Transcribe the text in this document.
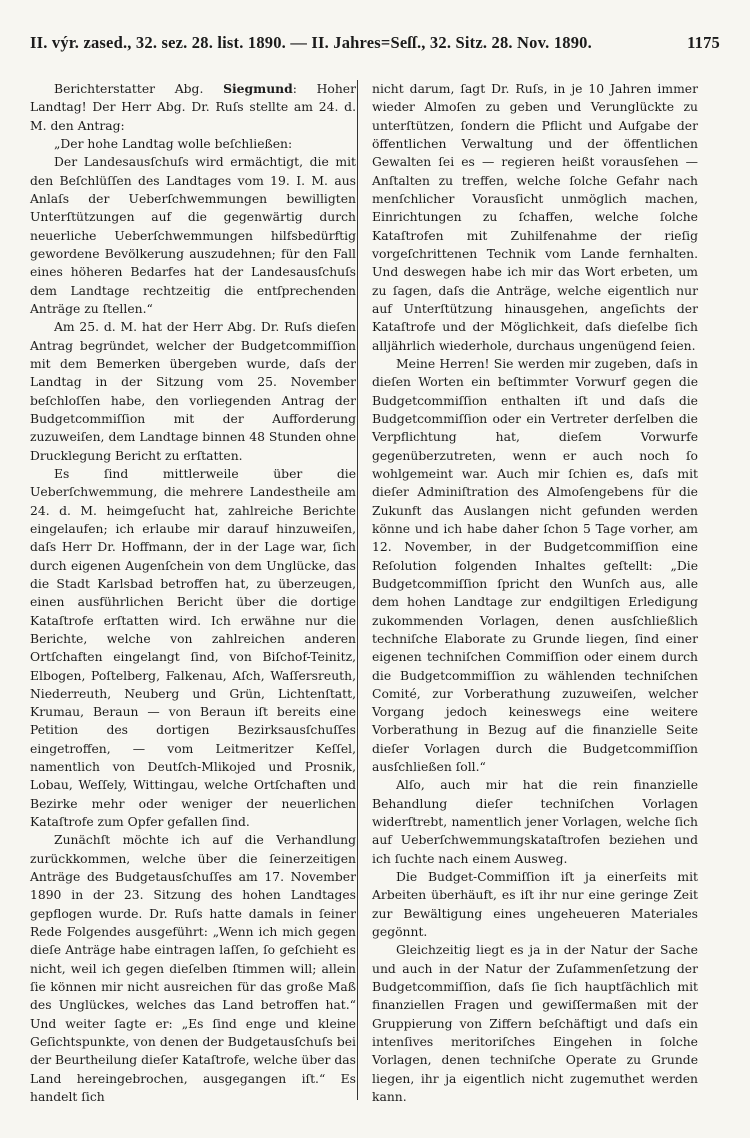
II. výr. zased., 32. sez. 28. list. 1890. — II. Jahres=Seſſ., 32. Sitz. 28. Nov. 1890.	1175

Berichterstatter Abg. Siegmund: Hoher Landtag! Der Herr Abg. Dr. Ruſs stellte am 24. d. M. den Antrag:

„Der hohe Landtag wolle beſchließen:

Der Landesausſchuſs wird ermächtigt, die mit den Beſchlüſſen des Landtages vom 19. I. M. aus Anlaſs der Ueberſchwemmungen bewilligten Unterſtützungen auf die gegenwärtig durch neuerliche Ueberſchwemmungen hilfsbedürftig gewordene Bevölkerung auszudehnen; für den Fall eines höheren Bedarfes hat der Landesausſchuſs dem Landtage rechtzeitig die entſprechenden Anträge zu ſtellen.“

Am 25. d. M. hat der Herr Abg. Dr. Ruſs dieſen Antrag begründet, welcher der Budgetcommiſſion mit dem Bemerken übergeben wurde, daſs der Landtag in der Sitzung vom 25. November beſchloſſen habe, den vorliegenden Antrag der Budgetcommiſſion mit der Aufforderung zuzuweiſen, dem Landtage binnen 48 Stunden ohne Drucklegung Bericht zu erſtatten.

Es ſind mittlerweile über die Ueberſchwemmung, die mehrere Landestheile am 24. d. M. heimgeſucht hat, zahlreiche Berichte eingelaufen; ich erlaube mir darauf hinzuweiſen, daſs Herr Dr. Hoffmann, der in der Lage war, ſich durch eigenen Augenſchein von dem Unglücke, das die Stadt Karlsbad betroffen hat, zu überzeugen, einen ausführlichen Bericht über die dortige Kataſtrofe erſtatten wird. Ich erwähne nur die Berichte, welche von zahlreichen anderen Ortſchaften eingelangt ſind, von Biſchof-Teinitz, Elbogen, Poſtelberg, Falkenau, Aſch, Waſſersreuth, Niederreuth, Neuberg und Grün, Lichtenſtatt, Krumau, Beraun — von Beraun iſt bereits eine Petition des dortigen Bezirksausſchuſſes eingetroffen, — vom Leitmeritzer Keſſel, namentlich von Deutſch-Mlikojed und Prosnik, Lobau, Weſſely, Wittingau, welche Ortſchaften und Bezirke mehr oder weniger der neuerlichen Kataſtrofe zum Opfer gefallen ſind.

Zunächſt möchte ich auf die Verhandlung zurückkommen, welche über die ſeinerzeitigen Anträge des Budgetausſchuſſes am 17. November 1890 in der 23. Sitzung des hohen Landtages gepflogen wurde. Dr. Ruſs hatte damals in ſeiner Rede Folgendes ausgeführt: „Wenn ich mich gegen dieſe Anträge habe eintragen laſſen, ſo geſchieht es nicht, weil ich gegen dieſelben ſtimmen will; allein ſie können mir nicht ausreichen für das große Maß des Unglückes, welches das Land betroffen hat.“ Und weiter ſagte er: „Es ſind enge und kleine Geſichtspunkte, von denen der Budgetausſchuſs bei der Beurtheilung dieſer Kataſtrofe, welche über das Land hereingebrochen, ausgegangen iſt.“ Es handelt ſich

nicht darum, ſagt Dr. Ruſs, in je 10 Jahren immer wieder Almoſen zu geben und Verunglückte zu unterſtützen, ſondern die Pflicht und Aufgabe der öffentlichen Verwaltung und der öffentlichen Gewalten ſei es — regieren heißt vorausſehen — Anſtalten zu treffen, welche ſolche Gefahr nach menſchlicher Vorausſicht unmöglich machen, Einrichtungen zu ſchaffen, welche ſolche Kataſtrofen mit Zuhilfenahme der rieſig vorgeſchrittenen Technik vom Lande fernhalten. Und deswegen habe ich mir das Wort erbeten, um zu ſagen, daſs die Anträge, welche eigentlich nur auf Unterſtützung hinausgehen, angeſichts der Kataſtrofe und der Möglichkeit, daſs dieſelbe ſich alljährlich wiederhole, durchaus ungenügend ſeien.

Meine Herren! Sie werden mir zugeben, daſs in dieſen Worten ein beſtimmter Vorwurf gegen die Budgetcommiſſion enthalten iſt und daſs die Budgetcommiſſion oder ein Vertreter derſelben die Verpflichtung hat, dieſem Vorwurfe gegenüberzutreten, wenn er auch noch ſo wohlgemeint war. Auch mir ſchien es, daſs mit dieſer Adminiſtration des Almoſengebens für die Zukunft das Auslangen nicht gefunden werden könne und ich habe daher ſchon 5 Tage vorher, am 12. November, in der Budgetcommiſſion eine Reſolution folgenden Inhaltes geſtellt: „Die Budgetcommiſſion ſpricht den Wunſch aus, alle dem hohen Landtage zur endgiltigen Erledigung zukommenden Vorlagen, denen ausſchließlich techniſche Elaborate zu Grunde liegen, ſind einer eigenen techniſchen Commiſſion oder einem durch die Budgetcommiſſion zu wählenden techniſchen Comité, zur Vorberathung zuzuweiſen, welcher Vorgang jedoch keineswegs eine weitere Vorberathung in Bezug auf die finanzielle Seite dieſer Vorlagen durch die Budgetcommiſſion ausſchließen ſoll.“

Alſo, auch mir hat die rein finanzielle Behandlung dieſer techniſchen Vorlagen widerſtrebt, namentlich jener Vorlagen, welche ſich auf Ueberſchwemmungskataſtrofen beziehen und ich ſuchte nach einem Ausweg.

Die Budget-Commiſſion iſt ja einerſeits mit Arbeiten überhäuft, es iſt ihr nur eine geringe Zeit zur Bewältigung eines ungeheueren Materiales gegönnt.

Gleichzeitig liegt es ja in der Natur der Sache und auch in der Natur der Zuſammenſetzung der Budgetcommiſſion, daſs ſie ſich hauptſächlich mit finanziellen Fragen und gewiſſermaßen mit der Gruppierung von Ziffern beſchäftigt und daſs ein intenſives meritoriſches Eingehen in ſolche Vorlagen, denen techniſche Operate zu Grunde liegen, ihr ja eigentlich nicht zugemuthet werden kann.
